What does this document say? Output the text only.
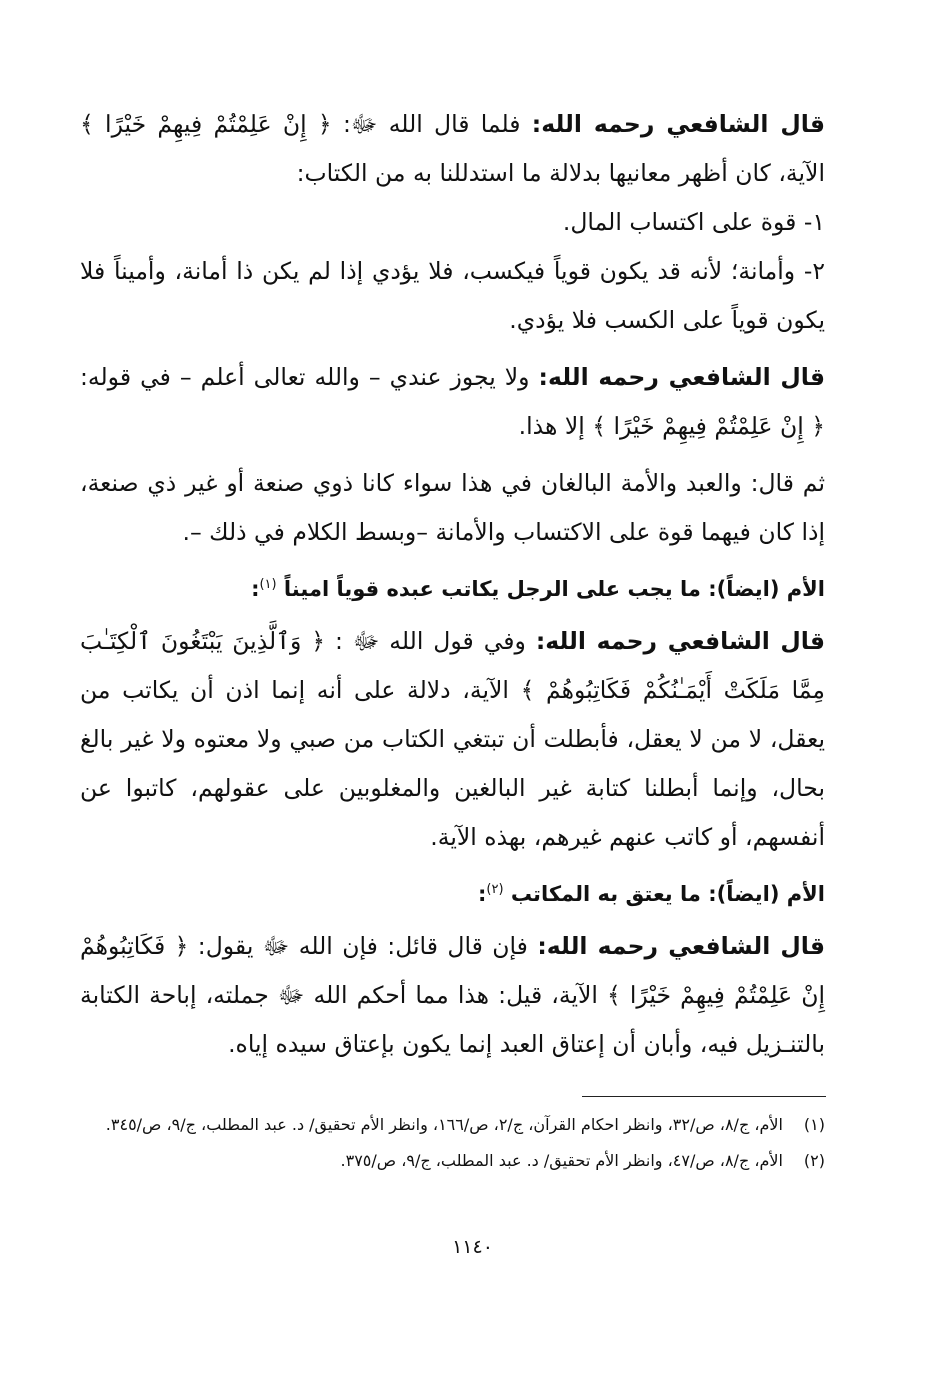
قال الشافعي رحمه الله: فلما قال الله ﷻ: ﴿ إِنْ عَلِمْتُمْ فِيهِمْ خَيْرًا ﴾ الآية، كان أظهر معانيها بدلالة ما استدللنا به من الكتاب:

١- قوة على اكتساب المال.

٢- وأمانة؛ لأنه قد يكون قوياً فيكسب، فلا يؤدي إذا لم يكن ذا أمانة، وأميناً فلا يكون قوياً على الكسب فلا يؤدي.

قال الشافعي رحمه الله: ولا يجوز عندي – والله تعالى أعلم – في قوله: ﴿ إِنْ عَلِمْتُمْ فِيهِمْ خَيْرًا ﴾ إلا هذا.

ثم قال: والعبد والأمة البالغان في هذا سواء كانا ذوي صنعة أو غير ذي صنعة، إذا كان فيهما قوة على الاكتساب والأمانة –وبسط الكلام في ذلك –.

الأم (ايضاً): ما يجب على الرجل يكاتب عبده قوياً اميناً $^{(١)}$:

قال الشافعي رحمه الله: وفي قول الله ﷻ : ﴿ وَٱلَّذِينَ يَبْتَغُونَ ٱلْكِتَـٰبَ مِمَّا مَلَكَتْ أَيْمَـٰنُكُمْ فَكَاتِبُوهُمْ ﴾ الآية، دلالة على أنه إنما اذن أن يكاتب من يعقل، لا من لا يعقل، فأبطلت أن تبتغي الكتاب من صبي ولا معتوه ولا غير بالغ بحال، وإنما أبطلنا كتابة غير البالغين والمغلوبين على عقولهم، كاتبوا عن أنفسهم، أو كاتب عنهم غيرهم، بهذه الآية.

الأم (ايضاً): ما يعتق به المكاتب $^{(٢)}$:

قال الشافعي رحمه الله: فإن قال قائل: فإن الله ﷻ يقول: ﴿ فَكَاتِبُوهُمْ إِنْ عَلِمْتُمْ فِيهِمْ خَيْرًا ﴾ الآية، قيل: هذا مما أحكم الله ﷻ جملته، إباحة الكتابة بالتنـزيل فيه، وأبان أن إعتاق العبد إنما يكون بإعتاق سيده إياه.

(١)الأم، ج/٨، ص/٣٢، وانظر احكام القرآن، ج/٢، ص/١٦٦، وانظر الأم تحقيق/ د. عبد المطلب، ج/٩، ص/٣٤٥.

(٢)الأم، ج/٨، ص/٤٧، وانظر الأم تحقيق/ د. عبد المطلب، ج/٩، ص/٣٧٥.

١١٤٠
